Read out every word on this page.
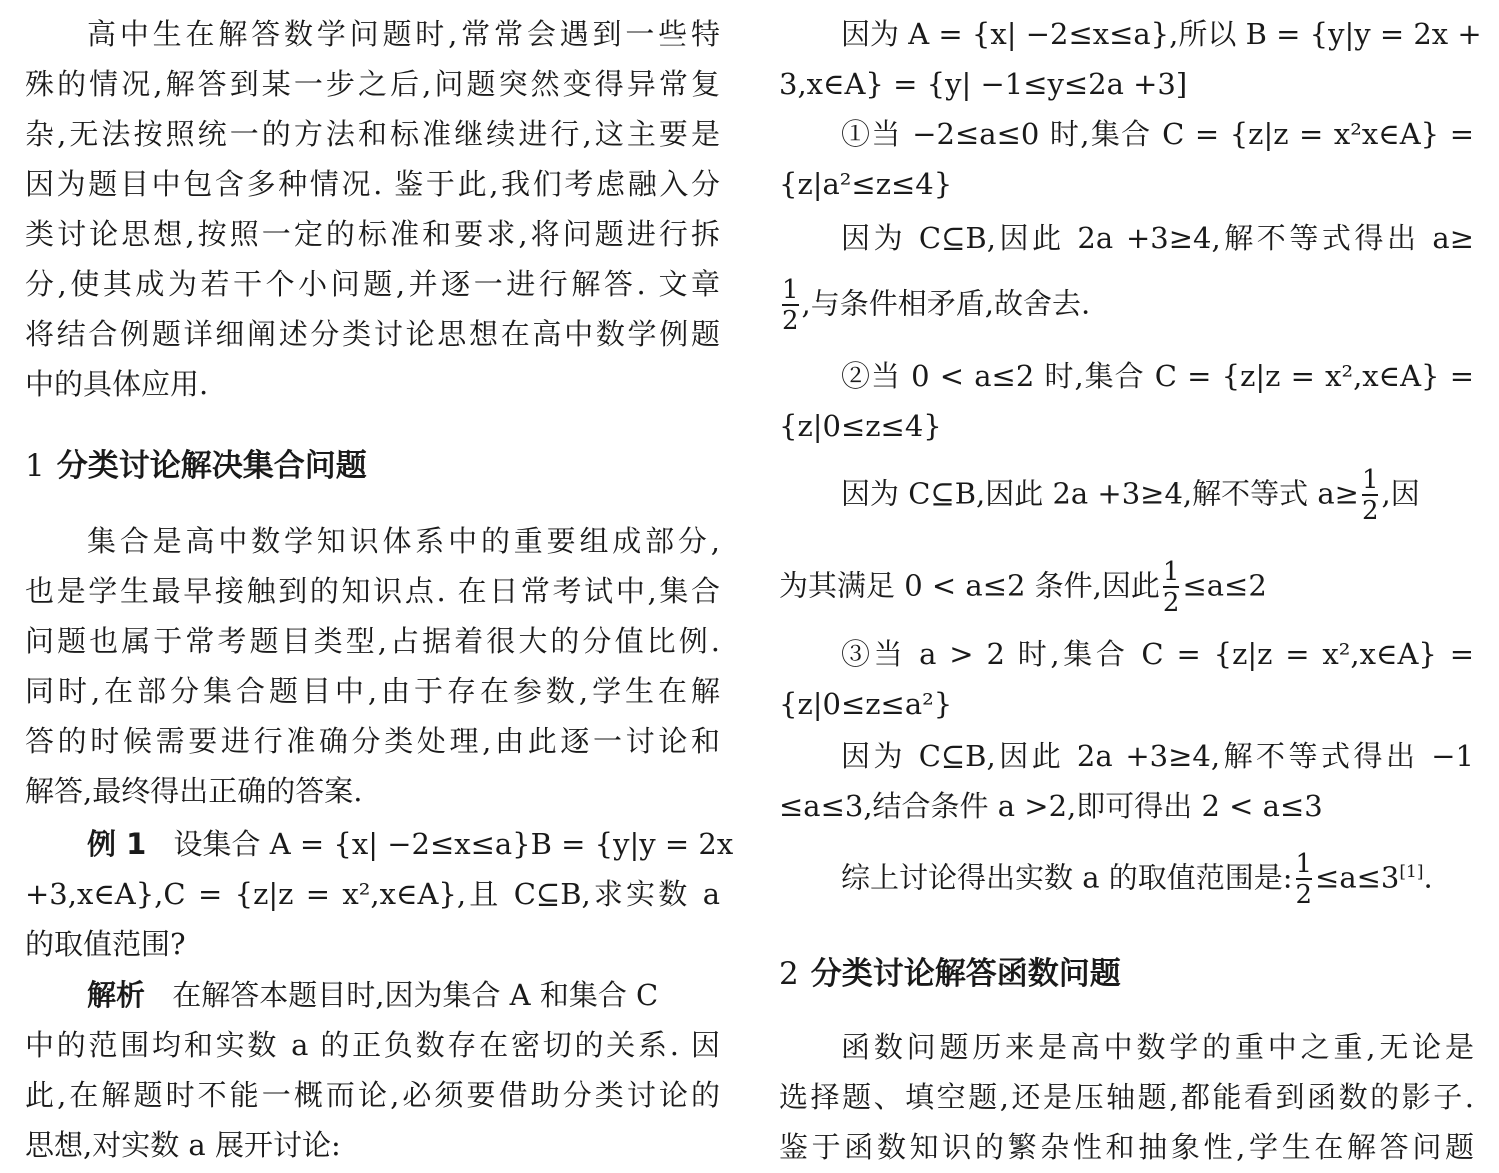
高中生在解答数学问题时,常常会遇到一些特
殊的情况,解答到某一步之后,问题突然变得异常复
杂,无法按照统一的方法和标准继续进行,这主要是
因为题目中包含多种情况. 鉴于此,我们考虑融入分
类讨论思想,按照一定的标准和要求,将问题进行拆
分,使其成为若干个小问题,并逐一进行解答. 文章
将结合例题详细阐述分类讨论思想在高中数学例题
中的具体应用.
1 分类讨论解决集合问题
集合是高中数学知识体系中的重要组成部分,
也是学生最早接触到的知识点. 在日常考试中,集合
问题也属于常考题目类型,占据着很大的分值比例.
同时,在部分集合题目中,由于存在参数,学生在解
答的时候需要进行准确分类处理,由此逐一讨论和
解答,最终得出正确的答案.
例 1 设集合 A = {x| −2≤x≤a}B = {y|y = 2x
+3,x∈A},C = {z|z = x²,x∈A},且 C⊆B,求实数 a
的取值范围?
解析 在解答本题目时,因为集合 A 和集合 C
中的范围均和实数 a 的正负数存在密切的关系. 因
此,在解题时不能一概而论,必须要借助分类讨论的
思想,对实数 a 展开讨论:
因为 A = {x| −2≤x≤a},所以 B = {y|y = 2x +
3,x∈A} = {y| −1≤y≤2a +3]
①当 −2≤a≤0 时,集合 C = {z|z = x²x∈A} =
{z|a²≤z≤4}
因为 C⊆B,因此 2a +3≥4,解不等式得出 a≥
$\frac{1}{2}$ ,与条件相矛盾,故舍去.
②当 0 < a≤2 时,集合 C = {z|z = x²,x∈A} =
{z|0≤z≤4}
因为 C⊆B,因此 2a +3≥4,解不等式 $a\ge \frac{1}{2}$ ,因
为其满足 0 < a≤2 条件,因此 $\frac{1}{2} \le a\le 2$
③当 a > 2 时,集合 C = {z|z = x²,x∈A} =
{z|0≤z≤a²}
因为 C⊆B,因此 2a +3≥4,解不等式得出 −1
≤a≤3,结合条件 a >2,即可得出 2 < a≤3
综上讨论得出实数 a 的取值范围是: $\frac{1}{2} \le a\le 3[1]$.
2 分类讨论解答函数问题
函数问题历来是高中数学的重中之重,无论是
选择题、填空题,还是压轴题,都能看到函数的影子.
鉴于函数知识的繁杂性和抽象性,学生在解答问题
